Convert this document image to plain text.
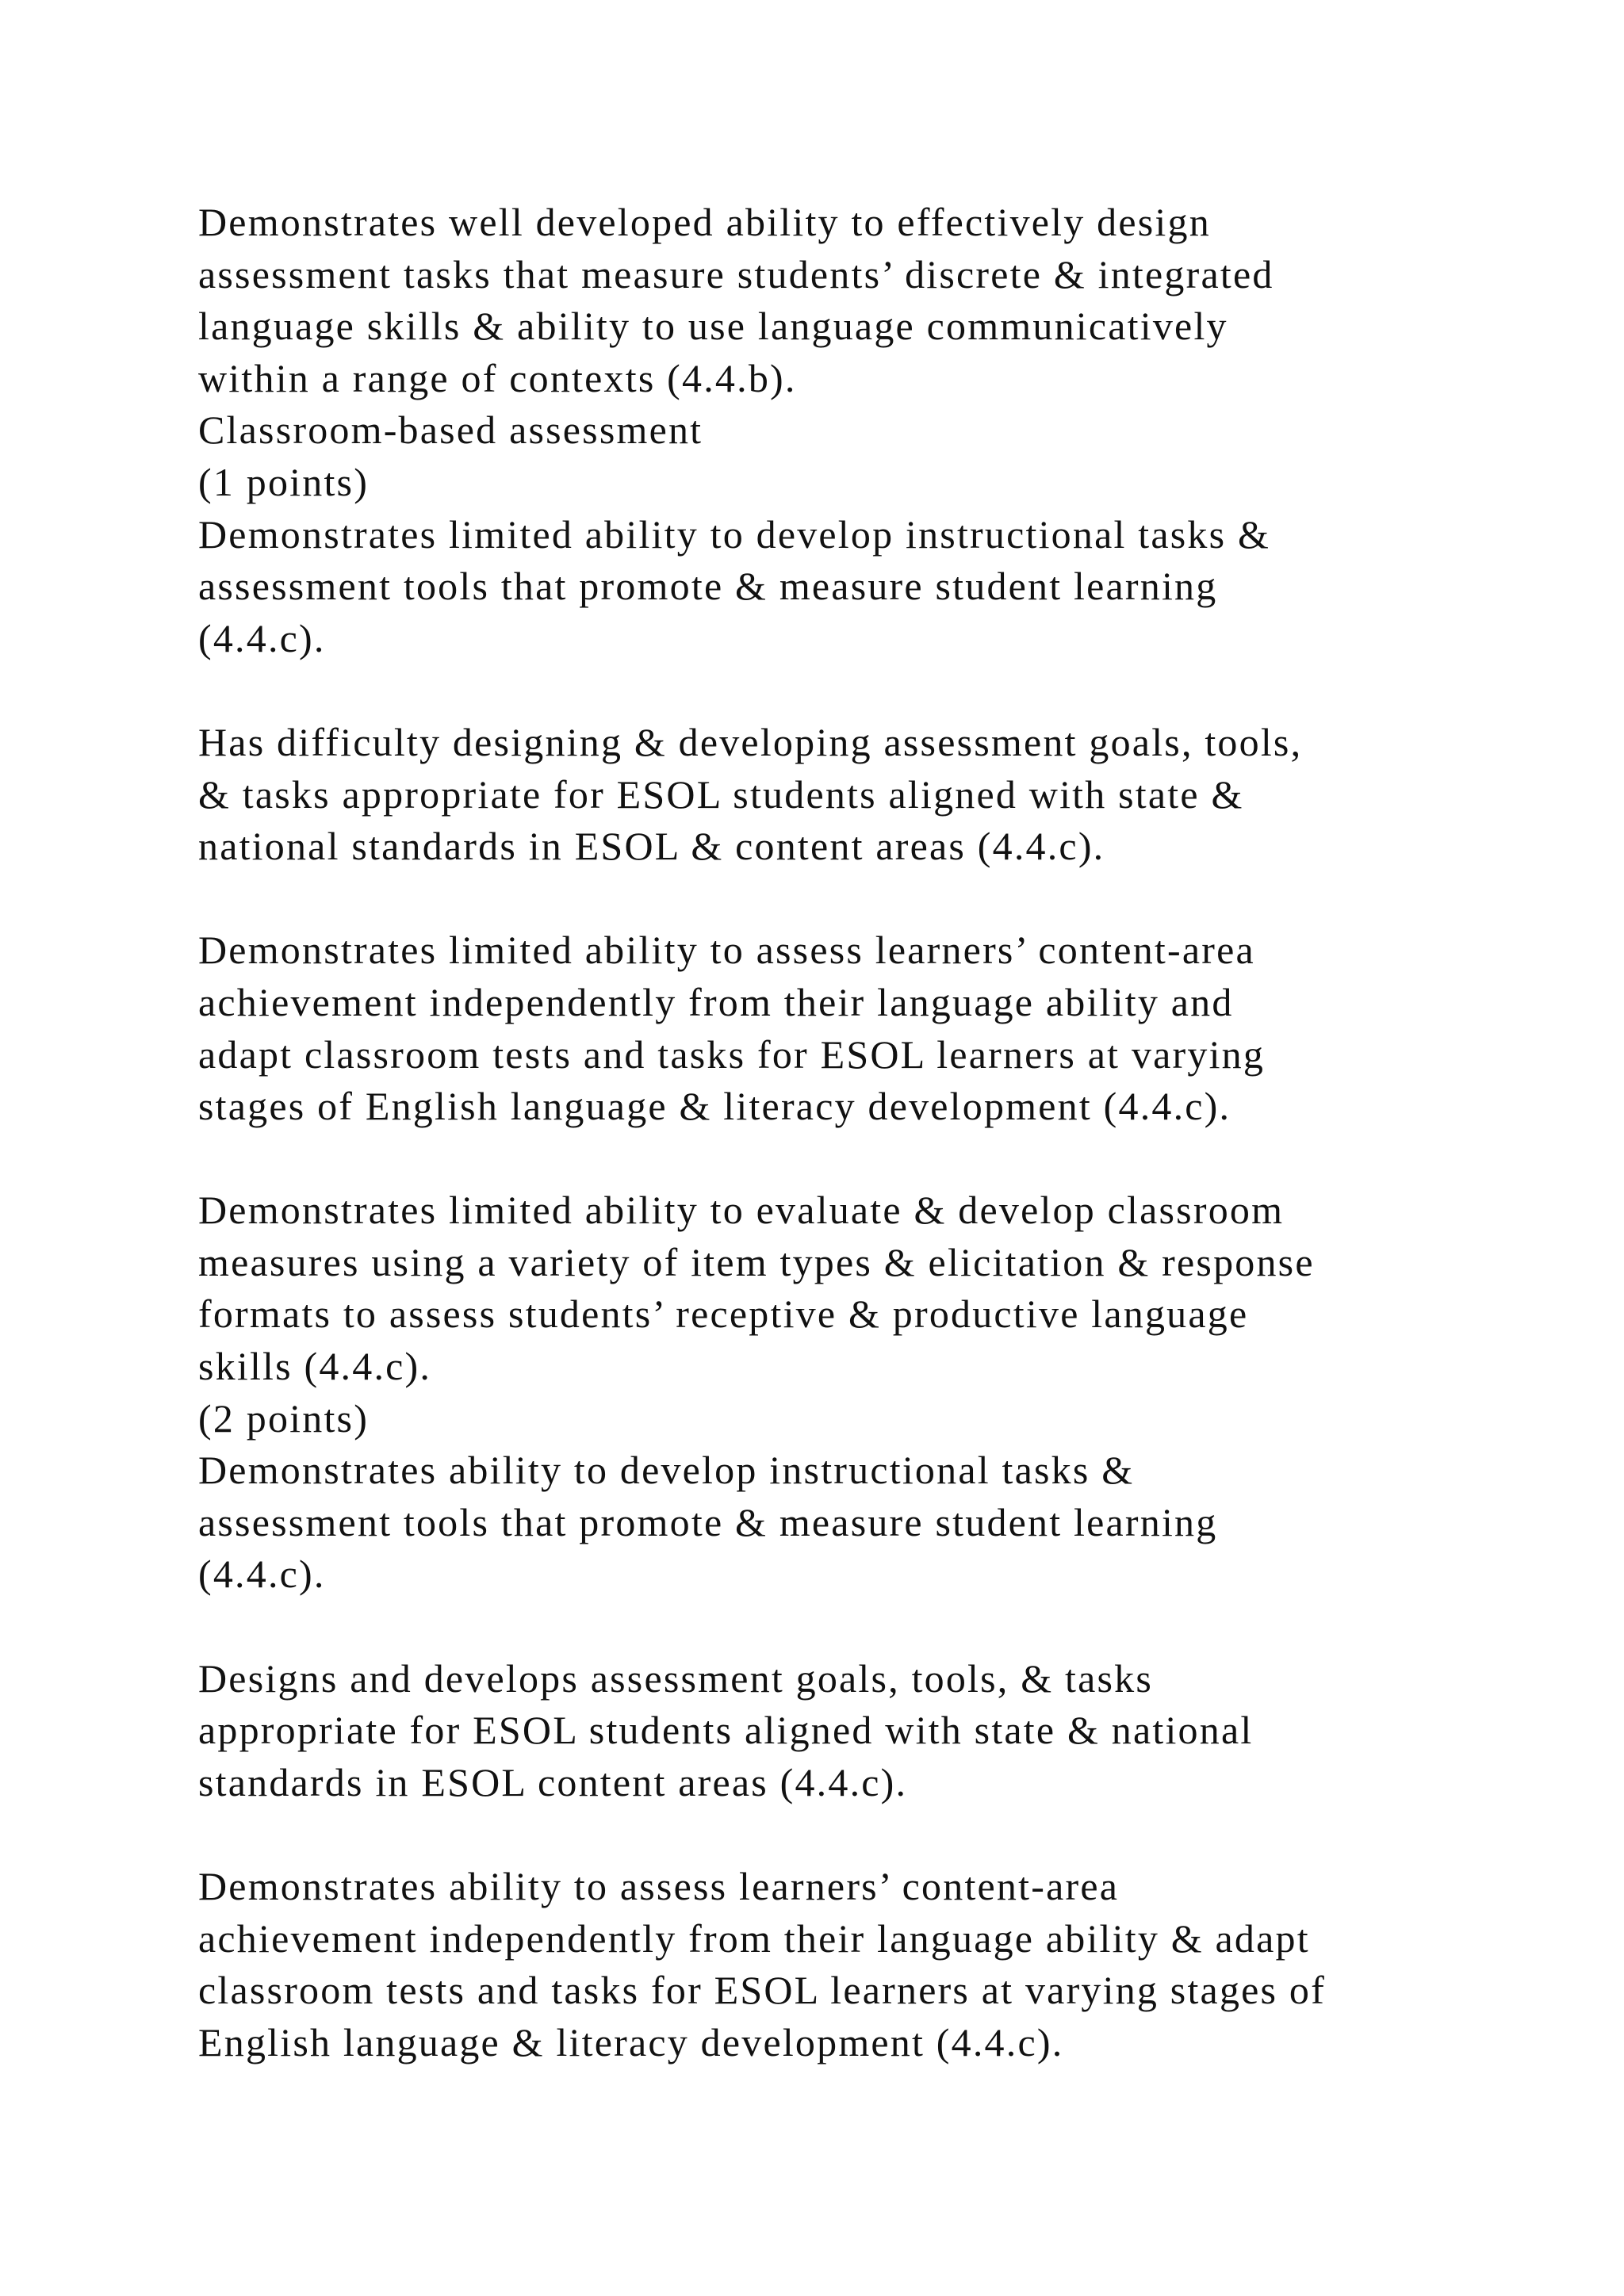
Demonstrates well developed ability to effectively design
assessment tasks that measure students’ discrete & integrated
language skills & ability to use language communicatively
within a range of contexts (4.4.b).
Classroom-based assessment
(1 points)
Demonstrates limited ability to develop instructional tasks &
assessment tools that promote & measure student learning
(4.4.c).
Has difficulty designing & developing assessment goals, tools,
& tasks appropriate for ESOL students aligned with state &
national standards in ESOL & content areas (4.4.c).
Demonstrates limited ability to assess learners’ content-area
achievement independently from their language ability and
adapt classroom tests and tasks for ESOL learners at varying
stages of English language & literacy development (4.4.c).
Demonstrates limited ability to evaluate & develop classroom
measures using a variety of item types & elicitation & response
formats to assess students’ receptive & productive language
skills (4.4.c).
(2 points)
Demonstrates ability to develop instructional tasks &
assessment tools that promote & measure student learning
(4.4.c).
Designs and develops assessment goals, tools, & tasks
appropriate for ESOL students aligned with state & national
standards in ESOL content areas (4.4.c).
Demonstrates ability to assess learners’ content-area
achievement independently from their language ability & adapt
classroom tests and tasks for ESOL learners at varying stages of
English language & literacy development (4.4.c).
